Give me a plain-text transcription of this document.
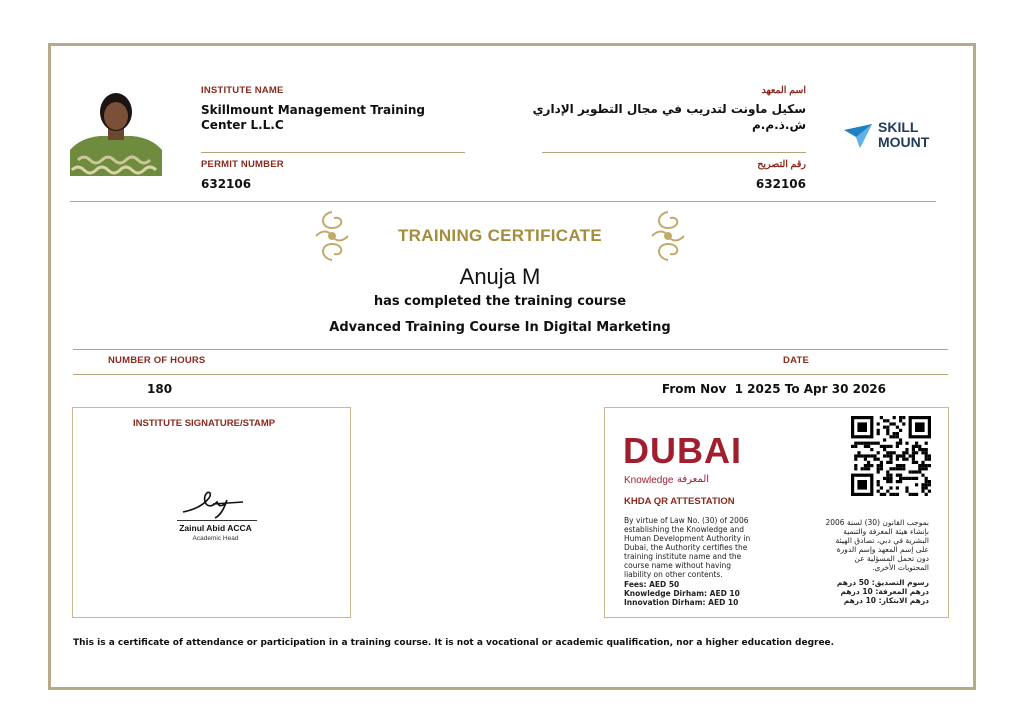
INSTITUTE NAME
Skillmount Management Training Center L.L.C
PERMIT NUMBER
632106
اسم المعهد
سكيل ماونت لتدريب في مجال التطوير الإداري
ش.ذ.م.م
رقم التصريح
632106
SKILL
MOUNT
TRAINING CERTIFICATE
Anuja M
has completed the training course
Advanced Training Course In Digital Marketing
NUMBER OF HOURS	DATE
180	From Nov  1 2025 To Apr 30 2026
INSTITUTE SIGNATURE/STAMP
Zainul Abid ACCA
Academic Head
DUBAI
Knowledge المعرفة
KHDA QR ATTESTATION
By virtue of Law No. (30) of 2006
establishing the Knowledge and
Human Development Authority in
Dubai, the Authority certifies the
training institute name and the
course name without having
liability on other contents.
Fees: AED 50
Knowledge Dirham: AED 10
Innovation Dirham: AED 10
بموجب القانون (30) لسنة 2006
بإنشاء هيئة المعرفة والتنمية
البشرية في دبي، تصادق الهيئة
على إسم المعهد وإسم الدورة
دون تحمل المسؤلية عن
المحتويات الأخرى.
رسوم التصديق: 50 درهم
درهم المعرفة: 10 درهم
درهم الابتكار: 10 درهم
This is a certificate of attendance or participation in a training course. It is not a vocational or academic qualification, nor a higher education degree.
